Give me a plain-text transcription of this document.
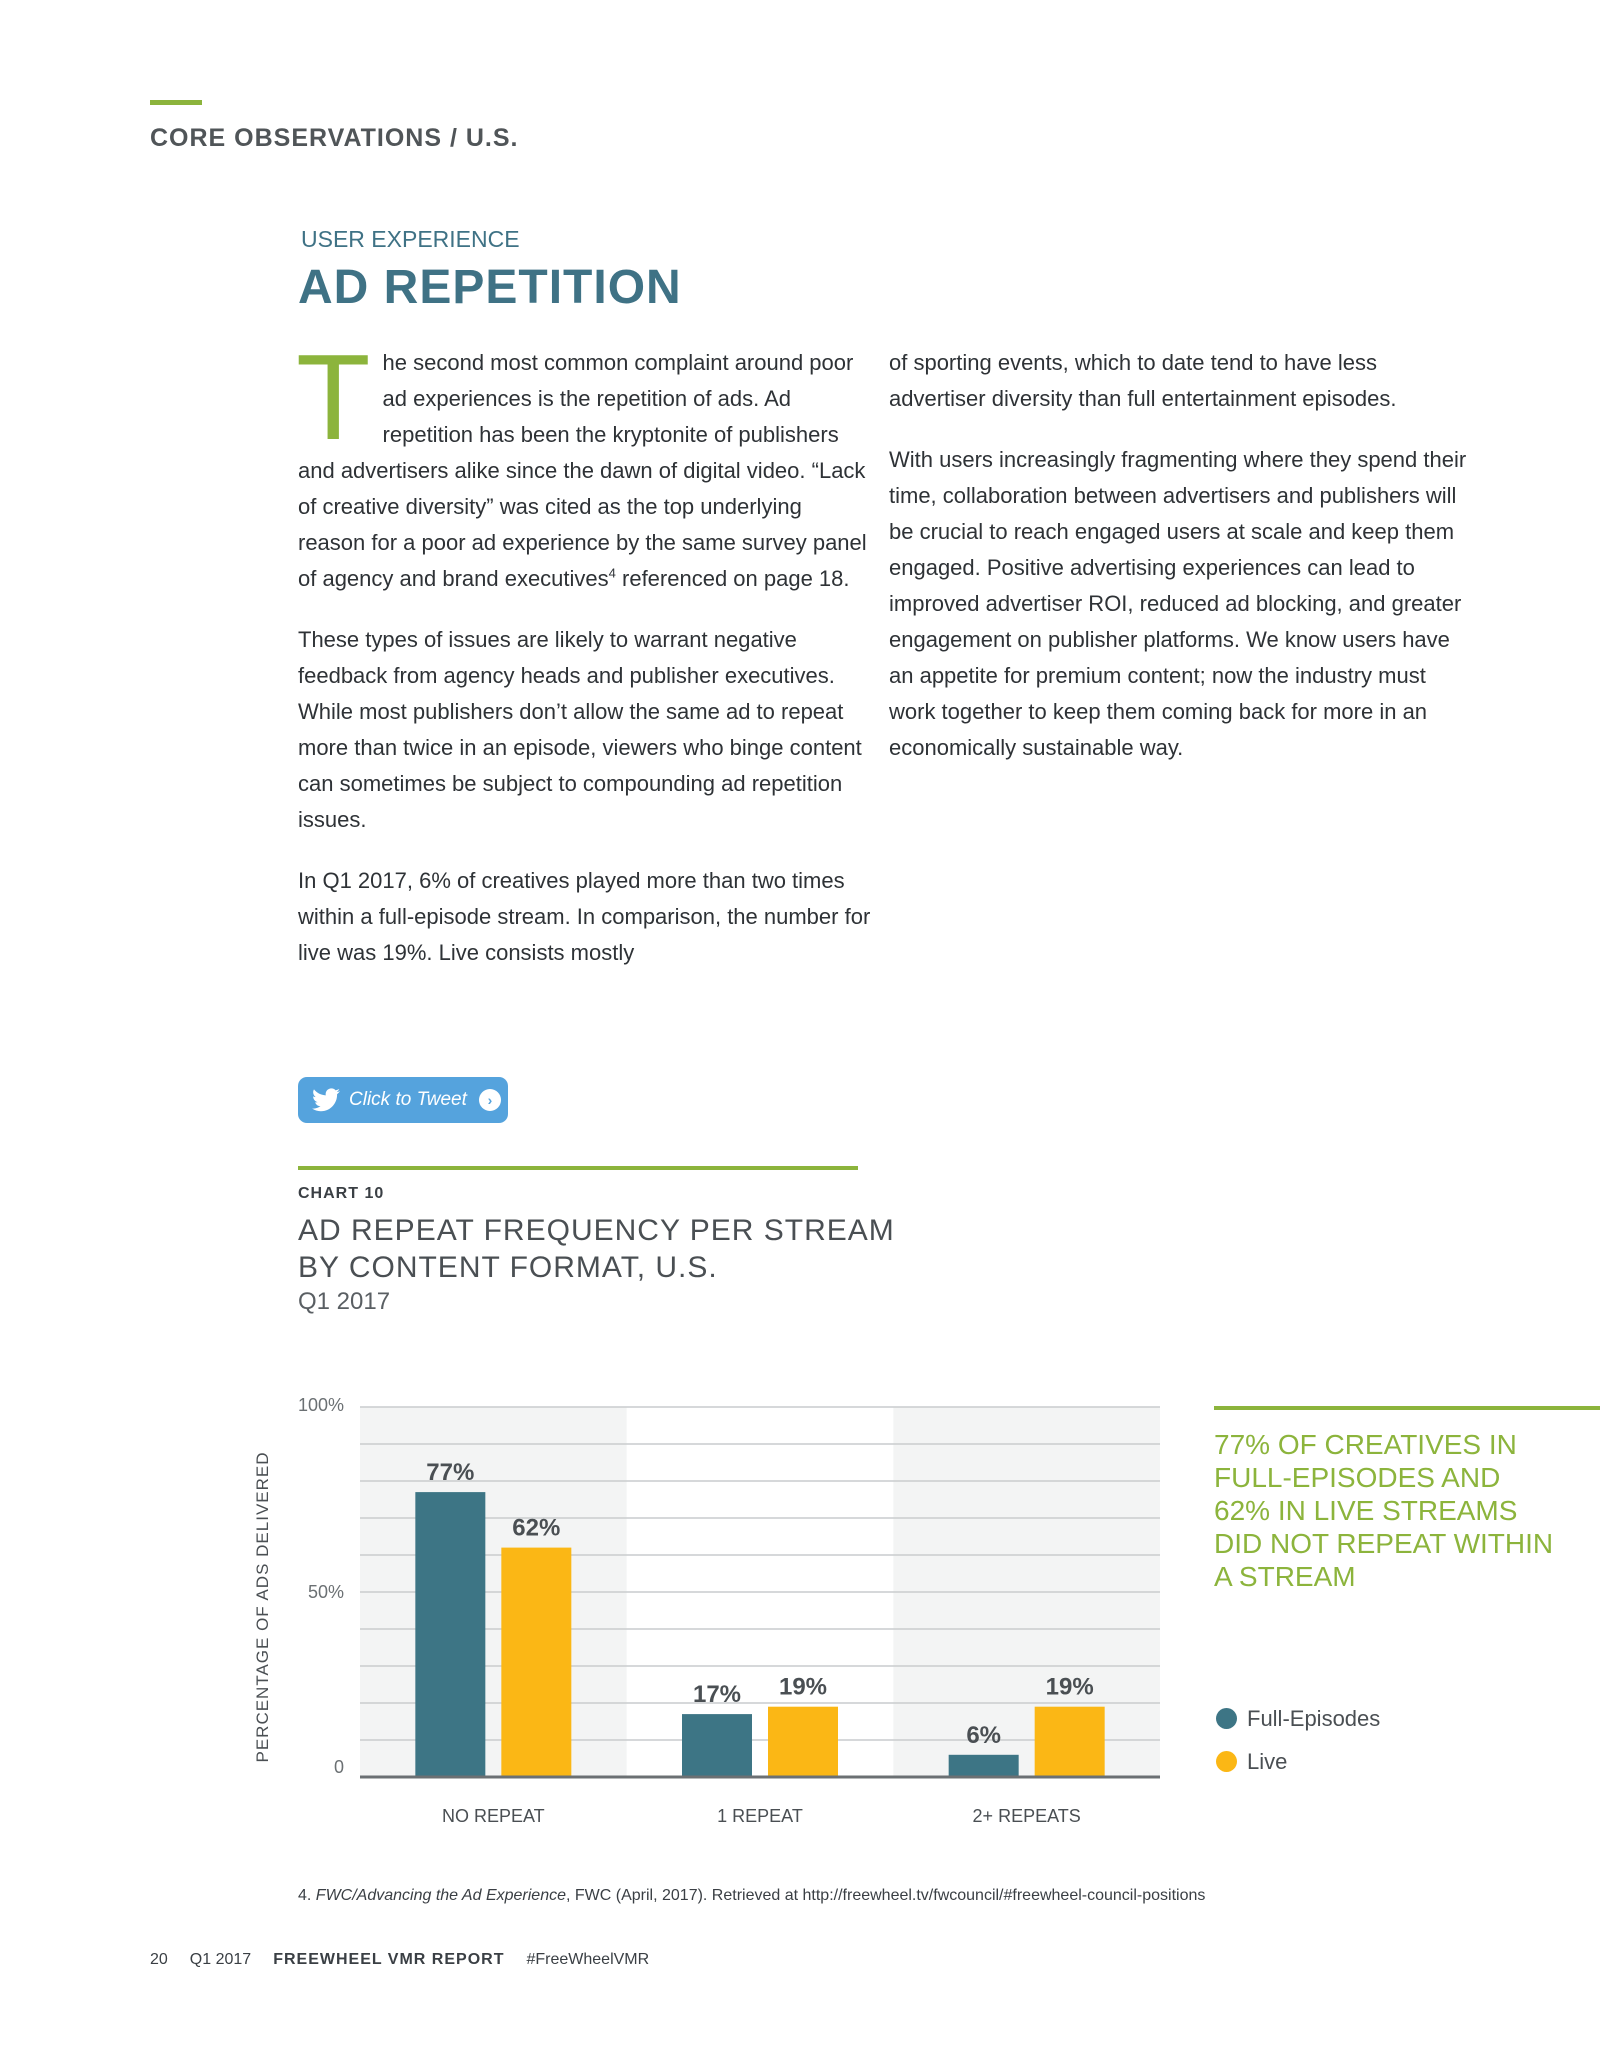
CORE OBSERVATIONS / U.S.
USER EXPERIENCE
AD REPETITION

The second most common complaint around poor ad experiences is the repetition of ads. Ad repetition has been the kryptonite of publishers and advertisers alike since the dawn of digital video. “Lack of creative diversity” was cited as the top underlying reason for a poor ad experience by the same survey panel of agency and brand executives$^4$ referenced on page 18.

These types of issues are likely to warrant negative feedback from agency heads and publisher executives. While most publishers don’t allow the same ad to repeat more than twice in an episode, viewers who binge content can sometimes be subject to compounding ad repetition issues.

In Q1 2017, 6% of creatives played more than two times within a full-episode stream. In comparison, the number for live was 19%. Live consists mostly

of sporting events, which to date tend to have less advertiser diversity than full entertainment episodes.

With users increasingly fragmenting where they spend their time, collaboration between advertisers and publishers will be crucial to reach engaged users at scale and keep them engaged. Positive advertising experiences can lead to improved advertiser ROI, reduced ad blocking, and greater engagement on publisher platforms. We know users have an appetite for premium content; now the industry must work together to keep them coming back for more in an economically sustainable way.

Click to Tweet	›
CHART 10
AD REPEAT FREQUENCY PER STREAM BY CONTENT FORMAT, U.S.
Q1 2017
77%
62%
NO REPEAT
17% 19%
1 REPEAT
6%
19%
2+ REPEATS
0
50%
100%
PERCENTAGE OF ADS DELIVERED
77% OF CREATIVES IN FULL-EPISODES AND 62% IN LIVE STREAMS DID NOT REPEAT WITHIN A STREAM
Full-Episodes
Live
4. FWC/Advancing the Ad Experience, FWC (April, 2017). Retrieved at http://freewheel.tv/fwcouncil/#freewheel-council-positions
20 Q1 2017 FREEWHEEL VMR REPORT #FreeWheelVMR
